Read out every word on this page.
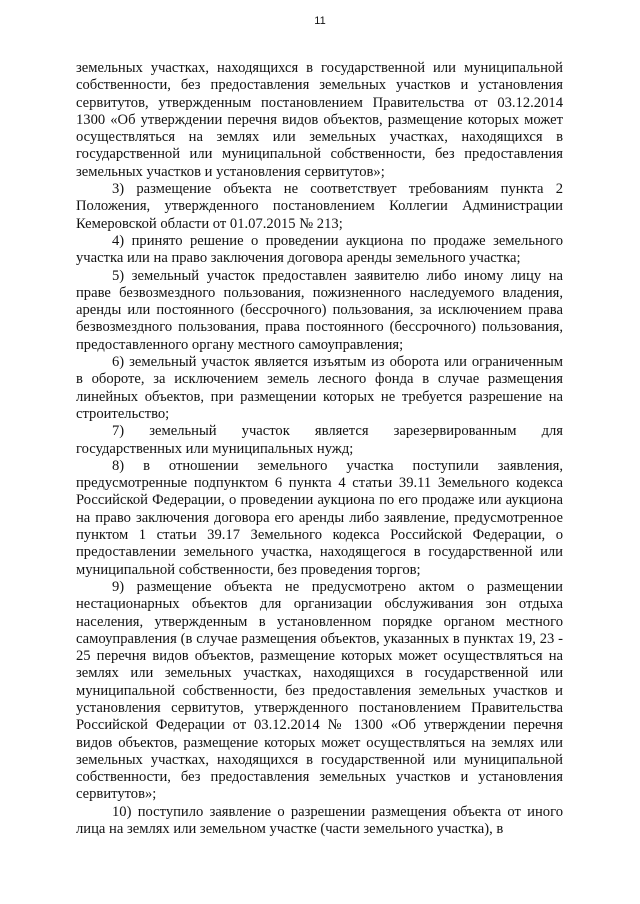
11

земельных участках, находящихся в государственной или муниципальной собственности, без предоставления земельных участков и установления сервитутов, утвержденным постановлением Правительства от 03.12.2014 1300 «Об утверждении перечня видов объектов, размещение которых может осуществляться на землях или земельных участках, находящихся в государственной или муниципальной собственности, без предоставления земельных участков и установления сервитутов»;

3) размещение объекта не соответствует требованиям пункта 2 Положения, утвержденного постановлением Коллегии Администрации Кемеровской области от 01.07.2015 № 213;

4) принято решение о проведении аукциона по продаже земельного участка или на право заключения договора аренды земельного участка;

5) земельный участок предоставлен заявителю либо иному лицу на праве безвозмездного пользования, пожизненного наследуемого владения, аренды или постоянного (бессрочного) пользования, за исключением права безвозмездного пользования, права постоянного (бессрочного) пользования, предоставленного органу местного самоуправления;

6) земельный участок является изъятым из оборота или ограниченным в обороте, за исключением земель лесного фонда в случае размещения линейных объектов, при размещении которых не требуется разрешение на строительство;

7) земельный участок является зарезервированным для государственных или муниципальных нужд;

8) в отношении земельного участка поступили заявления, предусмотренные подпунктом 6 пункта 4 статьи 39.11 Земельного кодекса Российской Федерации, о проведении аукциона по его продаже или аукциона на право заключения договора его аренды либо заявление, предусмотренное пунктом 1 статьи 39.17 Земельного кодекса Российской Федерации, о предоставлении земельного участка, находящегося в государственной или муниципальной собственности, без проведения торгов;

9) размещение объекта не предусмотрено актом о размещении нестационарных объектов для организации обслуживания зон отдыха населения, утвержденным в установленном порядке органом местного самоуправления (в случае размещения объектов, указанных в пунктах 19, 23 - 25 перечня видов объектов, размещение которых может осуществляться на землях или земельных участках, находящихся в государственной или муниципальной собственности, без предоставления земельных участков и установления сервитутов, утвержденного постановлением Правительства Российской Федерации от 03.12.2014 № 1300 «Об утверждении перечня видов объектов, размещение которых может осуществляться на землях или земельных участках, находящихся в государственной или муниципальной собственности, без предоставления земельных участков и установления сервитутов»;

10) поступило заявление о разрешении размещения объекта от иного лица на землях или земельном участке (части земельного участка), в
